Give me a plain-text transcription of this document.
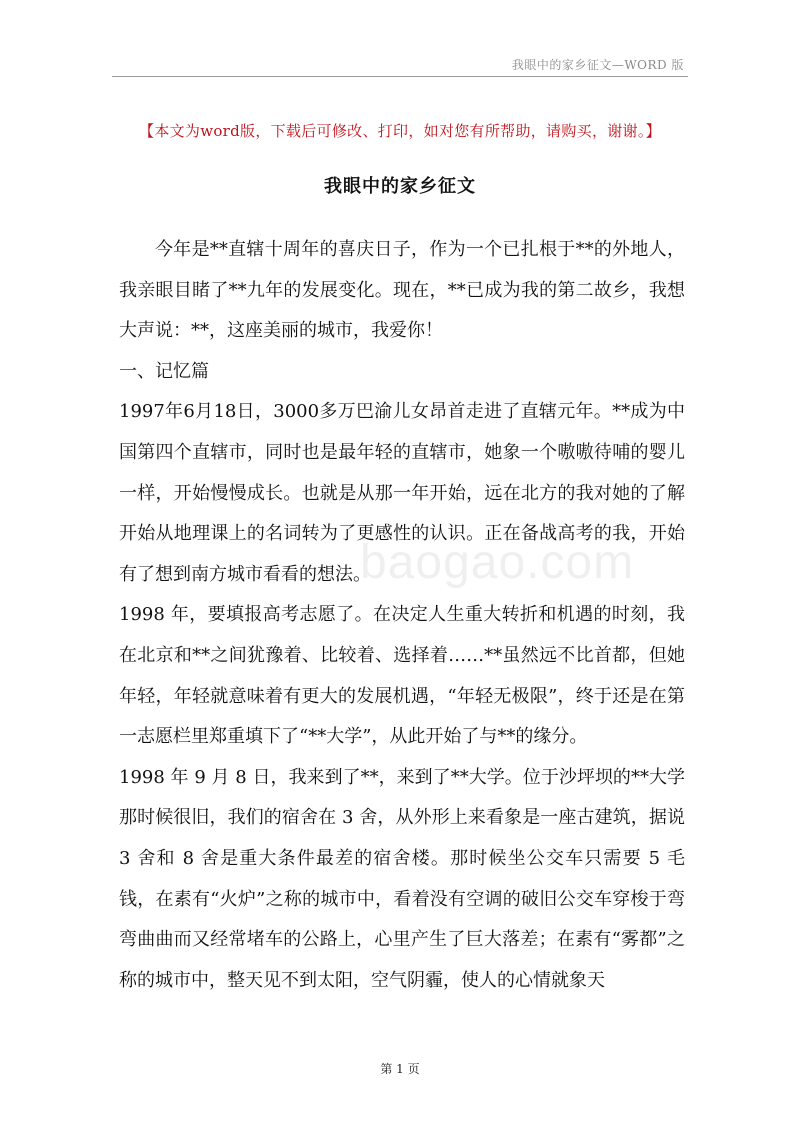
我眼中的家乡征文—WORD 版
【本文为word版，下载后可修改、打印，如对您有所帮助，请购买，谢谢。】
我眼中的家乡征文

今年是**直辖十周年的喜庆日子，作为一个已扎根于**的外地人，我亲眼目睹了**九年的发展变化。现在，**已成为我的第二故乡，我想大声说：**，这座美丽的城市，我爱你！

一、记忆篇

1997年6月18日，3000多万巴渝儿女昂首走进了直辖元年。**成为中国第四个直辖市，同时也是最年轻的直辖市，她象一个嗷嗷待哺的婴儿一样，开始慢慢成长。也就是从那一年开始，远在北方的我对她的了解开始从地理课上的名词转为了更感性的认识。正在备战高考的我，开始有了想到南方城市看看的想法。

1998 年，要填报高考志愿了。在决定人生重大转折和机遇的时刻，我在北京和**之间犹豫着、比较着、选择着……**虽然远不比首都，但她年轻，年轻就意味着有更大的发展机遇，“年轻无极限”，终于还是在第一志愿栏里郑重填下了“**大学”，从此开始了与**的缘分。

1998 年 9 月 8 日，我来到了**，来到了**大学。位于沙坪坝的**大学那时候很旧，我们的宿舍在 3 舍，从外形上来看象是一座古建筑，据说 3 舍和 8 舍是重大条件最差的宿舍楼。那时候坐公交车只需要 5 毛钱，在素有“火炉”之称的城市中，看着没有空调的破旧公交车穿梭于弯弯曲曲而又经常堵车的公路上，心里产生了巨大落差；在素有“雾都”之称的城市中，整天见不到太阳，空气阴霾，使人的心情就象天

baogao.com
第 1 页
